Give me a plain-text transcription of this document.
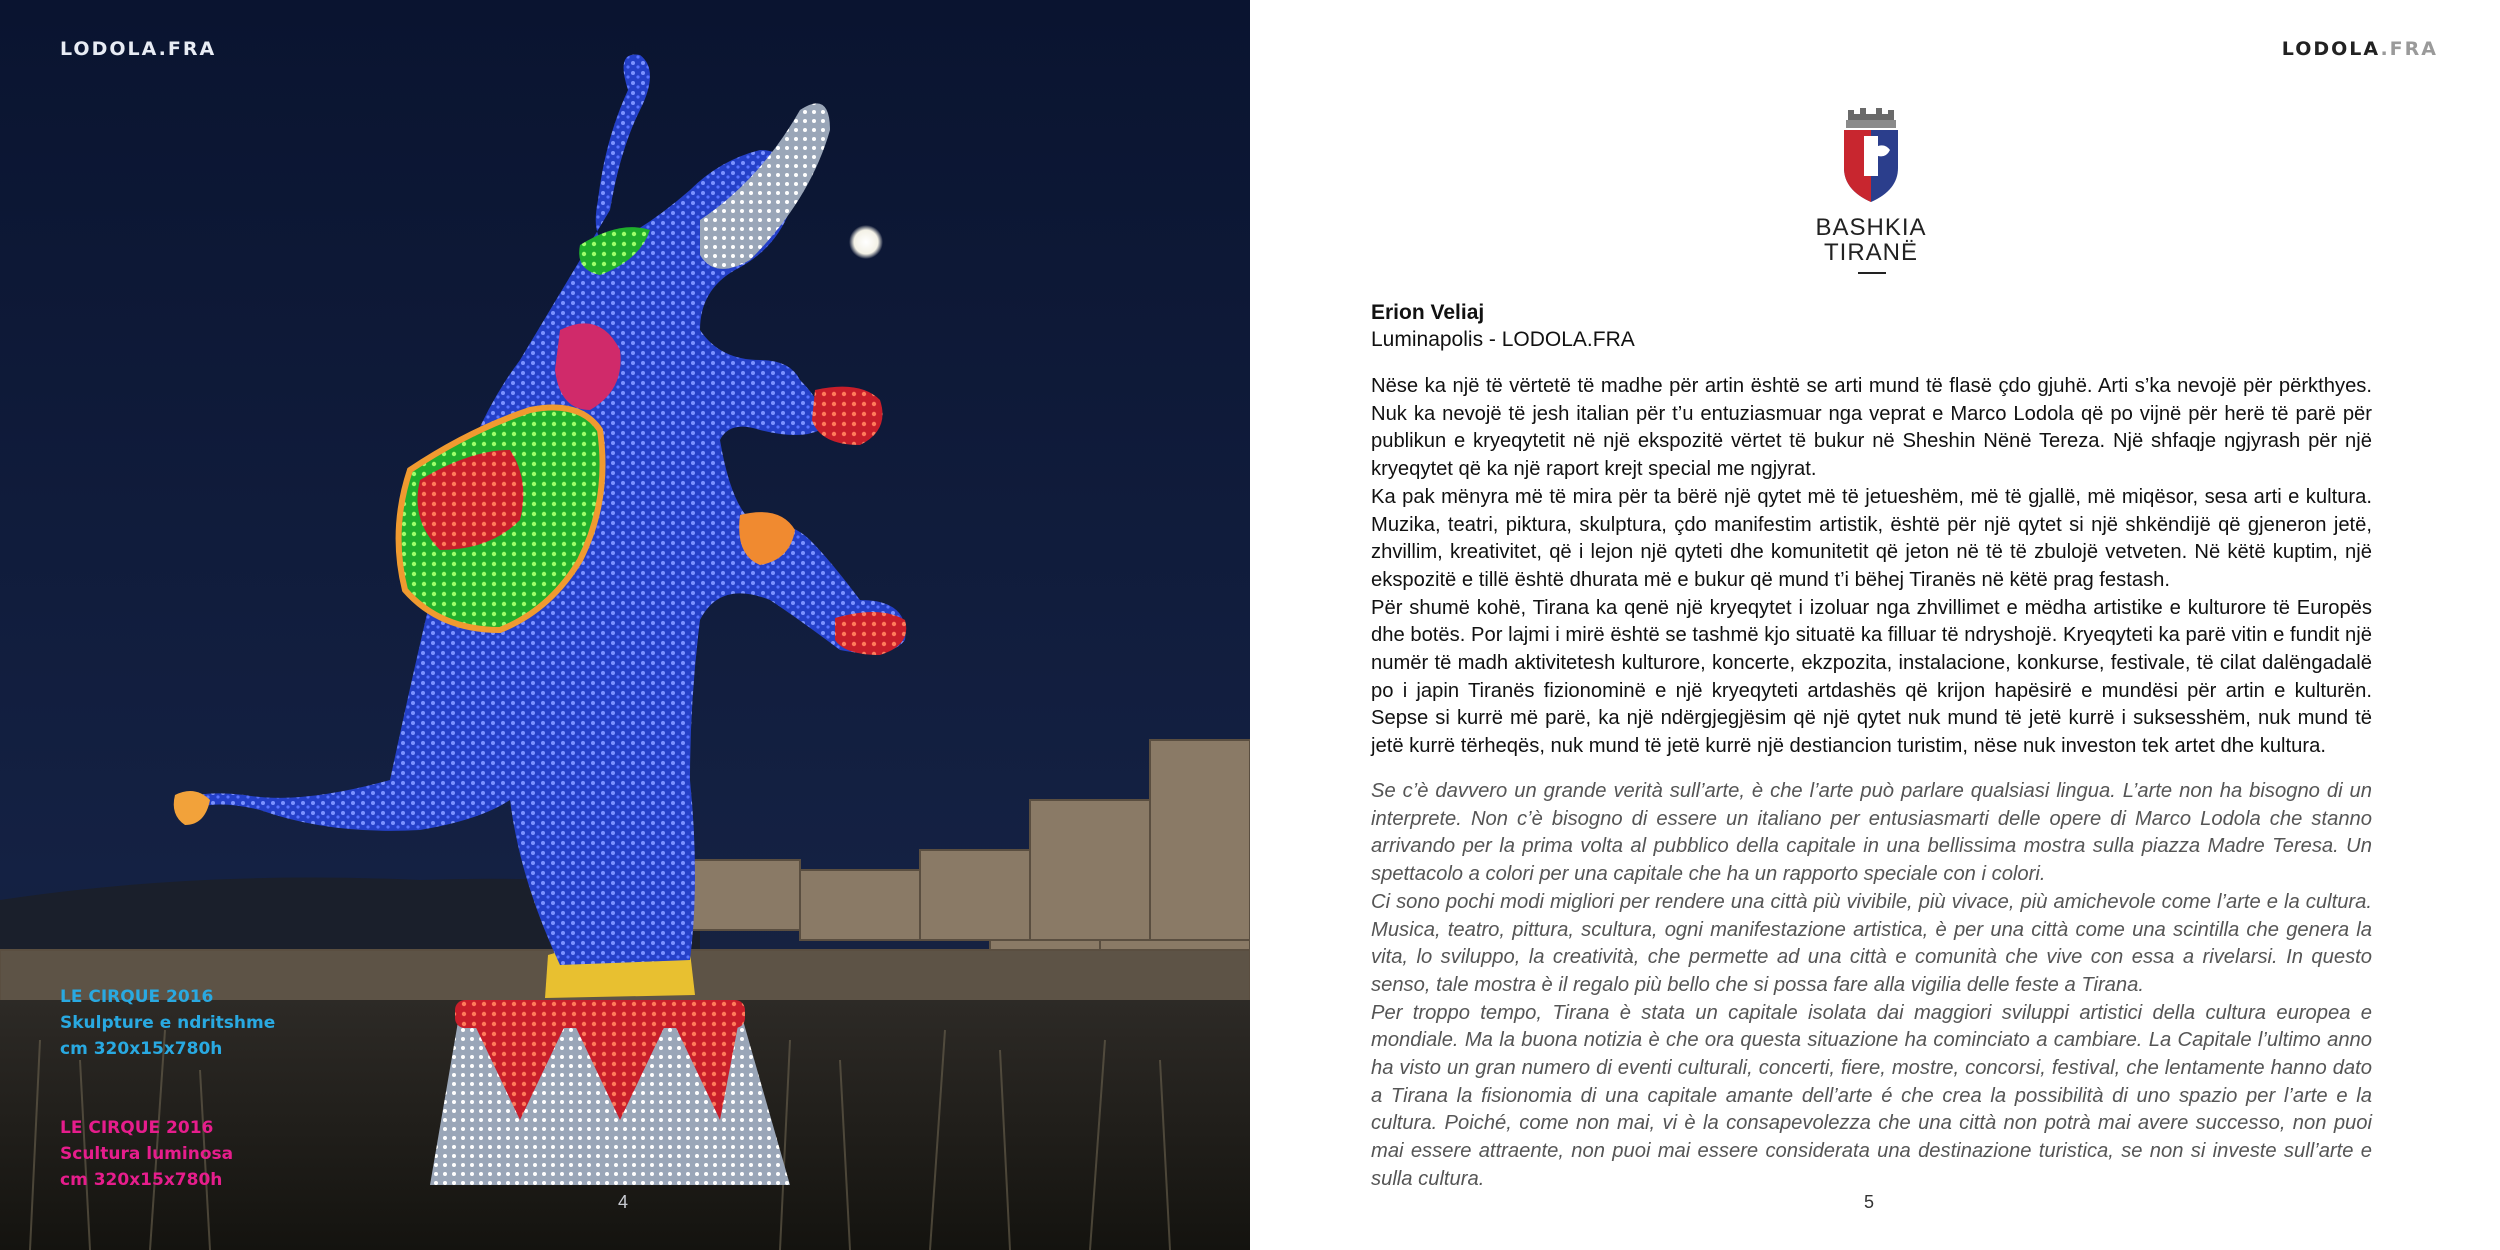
LODOLA.FRA
LE CIRQUE 2016
Skulpture e ndritshme
cm 320x15x780h
LE CIRQUE 2016
Scultura luminosa
cm 320x15x780h
4
LODOLA.FRA
BASHKIA
TIRANË
Erion Veliaj
Luminapolis - LODOLA.FRA

Nëse ka një të vërtetë të madhe për artin është se arti mund të flasë çdo gjuhë. Arti s’ka nevojë për përkthyes. Nuk ka nevojë të jesh italian për t’u entuziasmuar nga veprat e Marco Lodola që po vijnë për herë të parë për publikun e kryeqytetit në një ekspozitë vërtet të bukur në Sheshin Nënë Tereza. Një shfaqje ngjyrash për një kryeqytet që ka një raport krejt special me ngjyrat.

Ka pak mënyra më të mira për ta bërë një qytet më të jetueshëm, më të gjallë, më miqësor, sesa arti e kultura. Muzika, teatri, piktura, skulptura, çdo manifestim artistik, është për një qytet si një shkëndijë që gjeneron jetë, zhvillim, kreativitet, që i lejon një qyteti dhe komunitetit që jeton në të të zbulojë vetveten. Në këtë kuptim, një ekspozitë e tillë është dhurata më e bukur që mund t’i bëhej Tiranës në këtë prag festash.

Për shumë kohë, Tirana ka qenë një kryeqytet i izoluar nga zhvillimet e mëdha artistike e kulturore të Europës dhe botës. Por lajmi i mirë është se tashmë kjo situatë ka filluar të ndryshojë. Kryeqyteti ka parë vitin e fundit një numër të madh aktivitetesh kulturore, koncerte, ekzpozita, instalacione, konkurse, festivale, të cilat dalëngadalë po i japin Tiranës fizionominë e një kryeqyteti artdashës që krijon hapësirë e mundësi për artin e kulturën. Sepse si kurrë më parë, ka një ndërgjegjësim që një qytet nuk mund të jetë kurrë i suksesshëm, nuk mund të jetë kurrë tërheqës, nuk mund të jetë kurrë një destiancion turistim, nëse nuk investon tek artet dhe kultura.

Se c’è davvero un grande verità sull’arte, è che l’arte può parlare qualsiasi lingua. L’arte non ha bisogno di un interprete. Non c’è bisogno di essere un italiano per entusiasmarti delle opere di Marco Lodola che stanno arrivando per la prima volta al pubblico della capitale in una bellissima mostra sulla piazza Madre Teresa. Un spettacolo a colori per una capitale che ha un rapporto speciale con i colori.

Ci sono pochi modi migliori per rendere una città più vivibile, più vivace, più amichevole come l’arte e la cultura. Musica, teatro, pittura, scultura, ogni manifestazione artistica, è per una città come una scintilla che genera la vita, lo sviluppo, la creatività, che permette ad una città e comunità che vive con essa a rivelarsi. In questo senso, tale mostra è il regalo più bello che si possa fare alla vigilia delle feste a Tirana.

Per troppo tempo, Tirana è stata un capitale isolata dai maggiori sviluppi artistici della cultura europea e mondiale. Ma la buona notizia è che ora questa situazione ha cominciato a cambiare. La Capitale l’ultimo anno ha visto un gran numero di eventi culturali, concerti, fiere, mostre, concorsi, festival, che lentamente hanno dato a Tirana la fisionomia di una capitale amante dell’arte é che crea la possibilità di uno spazio per l’arte e la cultura. Poiché, come non mai, vi è la consapevolezza che una città non potrà mai avere successo, non puoi mai essere attraente, non puoi mai essere considerata una destinazione turistica, se non si investe sull’arte e sulla cultura.

5
